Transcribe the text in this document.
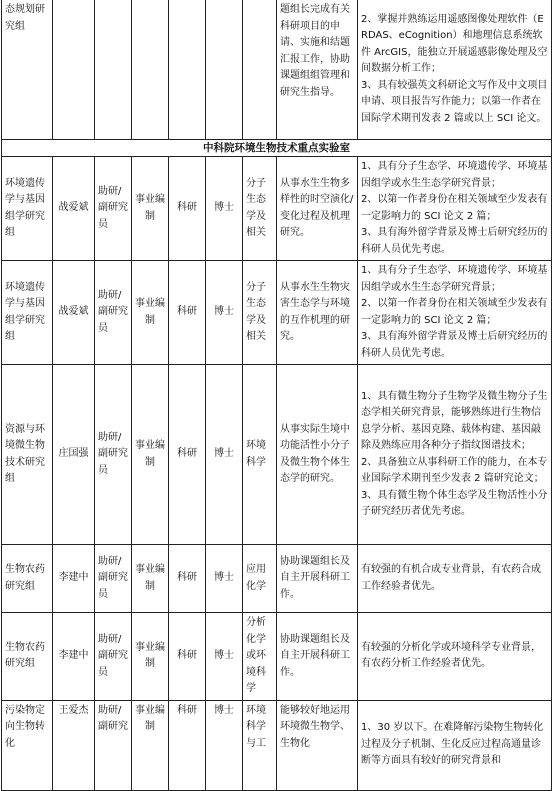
态规划研究组							题组长完成有关科研项目的申请、实施和结题汇报工作，协助课题组组管理和研究生指导。	2、掌握并熟练运用遥感图像处理软件（ERDAS、eCognition）和地理信息系统软件 ArcGIS，能独立开展遥感影像处理及空间数据分析工作；
3、具有较强英文科研论文写作及中文项目申请、项目报告写作能力；以第一作者在国际学术期刊发表 2 篇或以上 SCI 论文。

中科院环境生物技术重点实验室								
环境遗传学与基因组学研究组	战爱斌	助研/副研究员	事业编制	科研	博士	分子生态学及相关	从事水生生物多样性的时空演化/变化过程及机理研究。	1、具有分子生态学、环境遗传学、环境基因组学或水生生态学研究背景；
2、以第一作者身份在相关领域至少发表有一定影响力的 SCI 论文 2 篇；
3、具有海外留学背景及博士后研究经历的科研人员优先考虑。

环境遗传学与基因组学研究组	战爱斌	助研/副研究员	事业编制	科研	博士	分子生态学及相关	从事水生生物灾害生态学与环境的互作机理的研究。	1、具有分子生态学、环境遗传学、环境基因组学或水生生态学研究背景；
2、以第一作者身份在相关领域至少发表有一定影响力的 SCI 论文 2 篇；
3、具有海外留学背景及博士后研究经历的科研人员优先考虑。

资源与环境微生物技术研究组	庄国强	助研/副研究员	事业编制	科研	博士	环境科学	从事实际生境中功能活性小分子及微生物个体生态学的研究。	1、具有微生物分子生物学及微生物分子生态学相关研究背景，能够熟练进行生物信息学分析、基因克隆、载体构建、基因敲除及熟练应用各种分子指纹图谱技术；
2、具备独立从事科研工作的能力，在本专业国际学术期刊至少发表 2 篇研究论文；
3、具有微生物个体生态学及生物活性小分子研究经历者优先考虑。

生物农药研究组	李建中	助研/副研究员	事业编制	科研	博士	应用化学	协助课题组长及自主开展科研工作。	有较强的有机合成专业背景，有农药合成工作经验者优先。

生物农药研究组	李建中	助研/副研究员	事业编制	科研	博士	分析化学或环境科学	协助课题组长及自主开展科研工作。	有较强的分析化学或环境科学专业背景，有农药分析工作经验者优先。

污染物定向生物转化	王爱杰	助研/副研究	事业编制	科研	博士	环境科学与工	能够较好地运用环境微生物学、生物化	1、30 岁以下。在难降解污染物生物转化过程及分子机制、生化反应过程高通量诊断等方面具有较好的研究背景和
